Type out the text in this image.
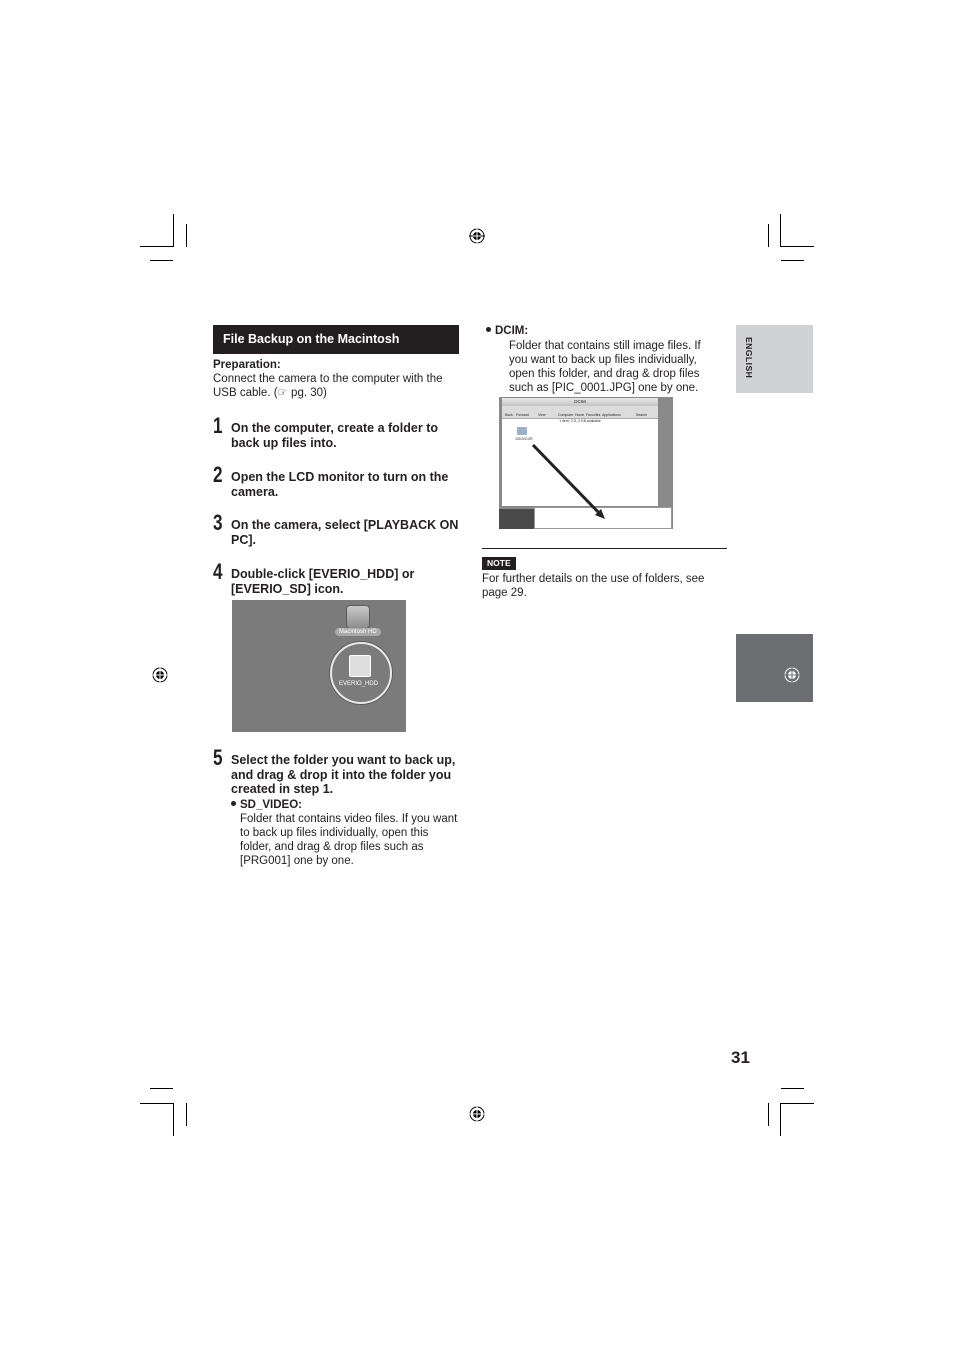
ENGLISH
File Backup on the Macintosh
Preparation:
Connect the camera to the computer with the USB cable. (☞ pg. 30)
1 On the computer, create a folder to back up files into.
2 Open the LCD monitor to turn on the camera.
3 On the camera, select [PLAYBACK ON PC].
4 Double-click [EVERIO_HDD] or [EVERIO_SD] icon.
Macintosh HD
EVERIO_HDD
5 Select the folder you want to back up, and drag & drop it into the folder you created in step 1.
SD_VIDEO:
Folder that contains video files. If you want to back up files individually, open this folder, and drag & drop files such as [PRG001] one by one.
DCIM:
Folder that contains still image files. If you want to back up files individually, open this folder, and drag & drop files such as [PIC_0001.JPG] one by one.
DCIM
Back Forward	View	Computer Home Favorites Applications	Search
1 item, 2 G, 0 KB available
100JVCGR
NOTE
For further details on the use of folders, see page 29.
31
